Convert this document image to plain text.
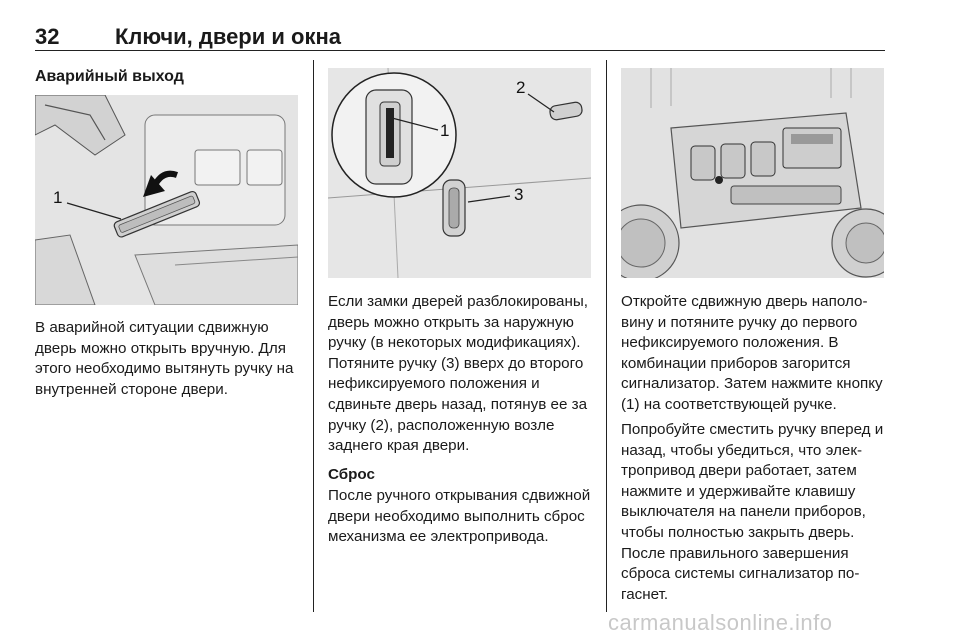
32	Ключи, двери и окна
Аварийный выход
1

В аварийной ситуации сдвижную дверь можно открыть вручную. Для этого необходимо вытянуть ручку на внутренней стороне двери.

2
3
1

Если замки дверей разблокированы, дверь можно открыть за наружную ручку (в некоторых модификациях). Потяните ручку (3) вверх до второго нефиксируемого положения и сдвиньте дверь назад, потянув ее за ручку (2), расположенную возле заднего края двери.

Сброс

После ручного открывания сдвижной двери необходимо выполнить сброс механизма ее электропривода.

Откройте сдвижную дверь наполовину и потяните ручку до первого нефиксируемого положения. В комбинации приборов загорится сигнализатор. Затем нажмите кнопку (1) на соответствующей ручке.

Попробуйте сместить ручку вперед и назад, чтобы убедиться, что электропривод двери работает, затем нажмите и удерживайте клавишу выключателя на панели приборов, чтобы полностью закрыть дверь. После правильного завершения сброса системы сигнализатор погаснет.

carmanualsonline.info
